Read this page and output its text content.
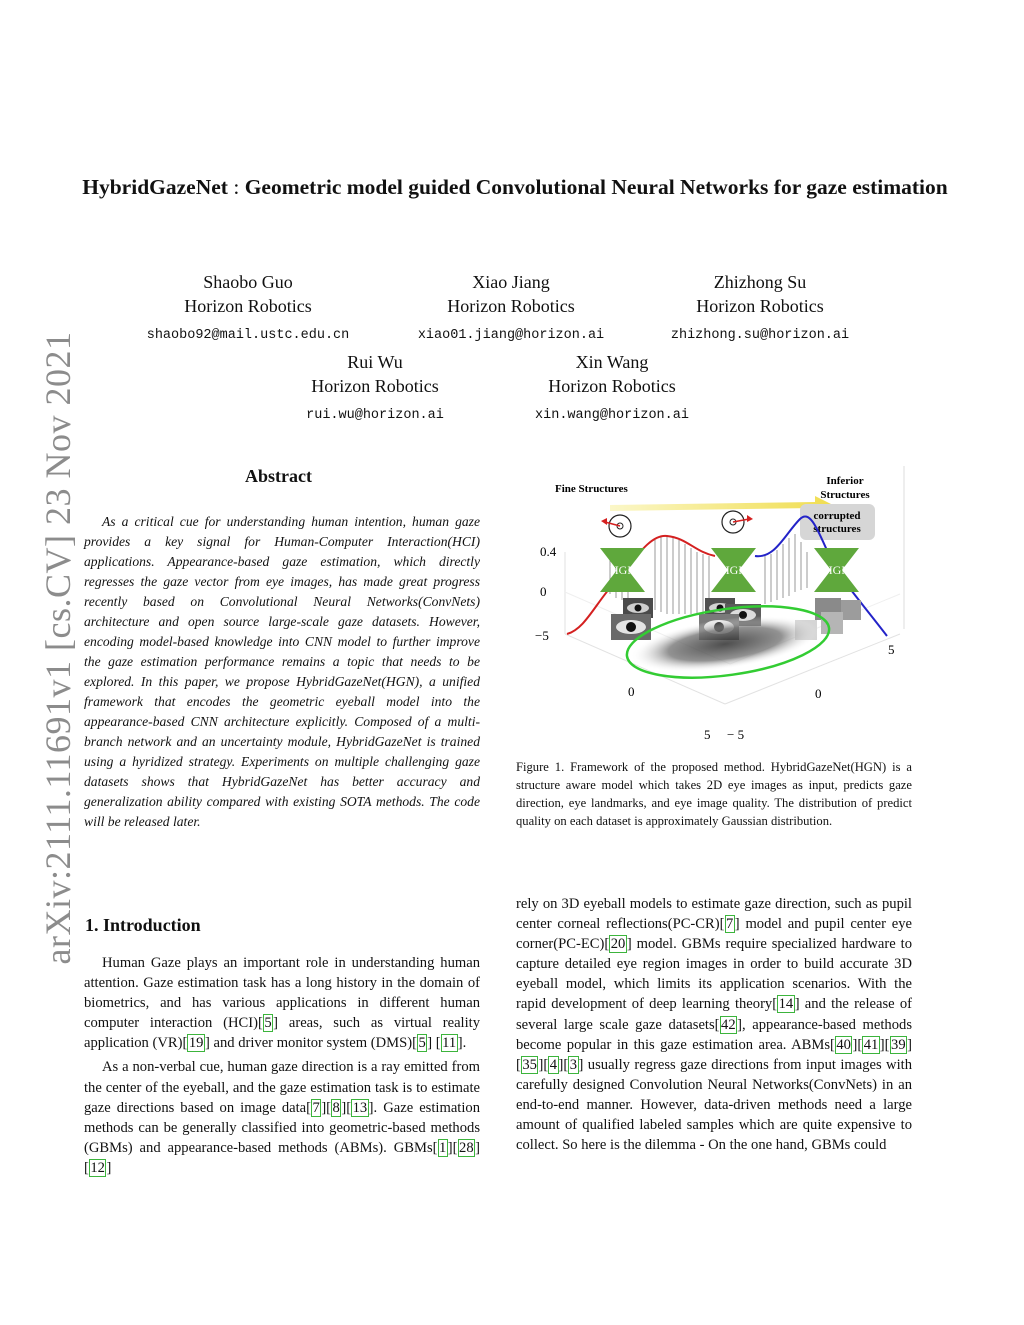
arXiv:2111.11691v1 [cs.CV] 23 Nov 2021
HybridGazeNet : Geometric model guided Convolutional Neural Networks for gaze estimation
Shaobo Guo
Horizon Robotics
shaobo92@mail.ustc.edu.cn
Xiao Jiang
Horizon Robotics
xiao01.jiang@horizon.ai
Zhizhong Su
Horizon Robotics
zhizhong.su@horizon.ai
Rui Wu
Horizon Robotics
rui.wu@horizon.ai
Xin Wang
Horizon Robotics
xin.wang@horizon.ai
Abstract
As a critical cue for understanding human intention, human gaze provides a key signal for Human-Computer Interaction(HCI) applications. Appearance-based gaze estimation, which directly regresses the gaze vector from eye images, has made great progress recently based on Convolutional Neural Networks(ConvNets) architecture and open source large-scale gaze datasets. However, encoding model-based knowledge into CNN model to further improve the gaze estimation performance remains a topic that needs to be explored. In this paper, we propose HybridGazeNet(HGN), a unified framework that encodes the geometric eyeball model into the appearance-based CNN architecture explicitly. Composed of a multi-branch network and an uncertainty module, HybridGazeNet is trained using a hyridized strategy. Experiments on multiple challenging gaze datasets shows that HybridGazeNet has better accuracy and generalization ability compared with existing SOTA methods. The code will be released later.
1. Introduction

Human Gaze plays an important role in understanding human attention. Gaze estimation task has a long history in the domain of biometrics, and has various applications in different human computer interaction (HCI)[ 5 ] areas, such as virtual reality application (VR)[ 19 ] and driver monitor system (DMS)[ 5 ] [ 11 ].

As a non-verbal cue, human gaze direction is a ray emitted from the center of the eyeball, and the gaze estimation task is to estimate gaze directions based on image data[ 7 ][ 8 ][ 13 ]. Gaze estimation methods can be generally classified into geometric-based methods (GBMs) and appearance-based methods (ABMs). GBMs[ 1 ][ 28 ][ 12 ]

rely on 3D eyeball models to estimate gaze direction, such as pupil center corneal reflections(PC-CR)[ 7 ] model and pupil center eye corner(PC-EC)[ 20 ] model. GBMs require specialized hardware to capture detailed eye region images in order to build accurate 3D eyeball model, which limits its application scenarios. With the rapid development of deep learning theory[ 14 ] and the release of several large scale gaze datasets[ 42 ], appearance-based methods become popular in this gaze estimation area. ABMs[ 40 ][ 41 ][ 39 ][ 35 ][ 4 ][ 3 ] usually regress gaze directions from input images with carefully designed Convolution Neural Networks(ConvNets) in an end-to-end manner. However, data-driven methods need a large amount of qualified labeled samples which are quite expensive to collect. So here is the dilemma - On the one hand, GBMs could

Fine Structures
Inferior
Structures
corrupted
structures
HGN	HGN	HGN
0.4
0
−5
5
0	0
5 − 5
Figure 1. Framework of the proposed method. HybridGazeNet(HGN) is a structure aware model which takes 2D eye images as input, predicts gaze direction, eye landmarks, and eye image quality. The distribution of predict quality on each dataset is approximately Gaussian distribution.
